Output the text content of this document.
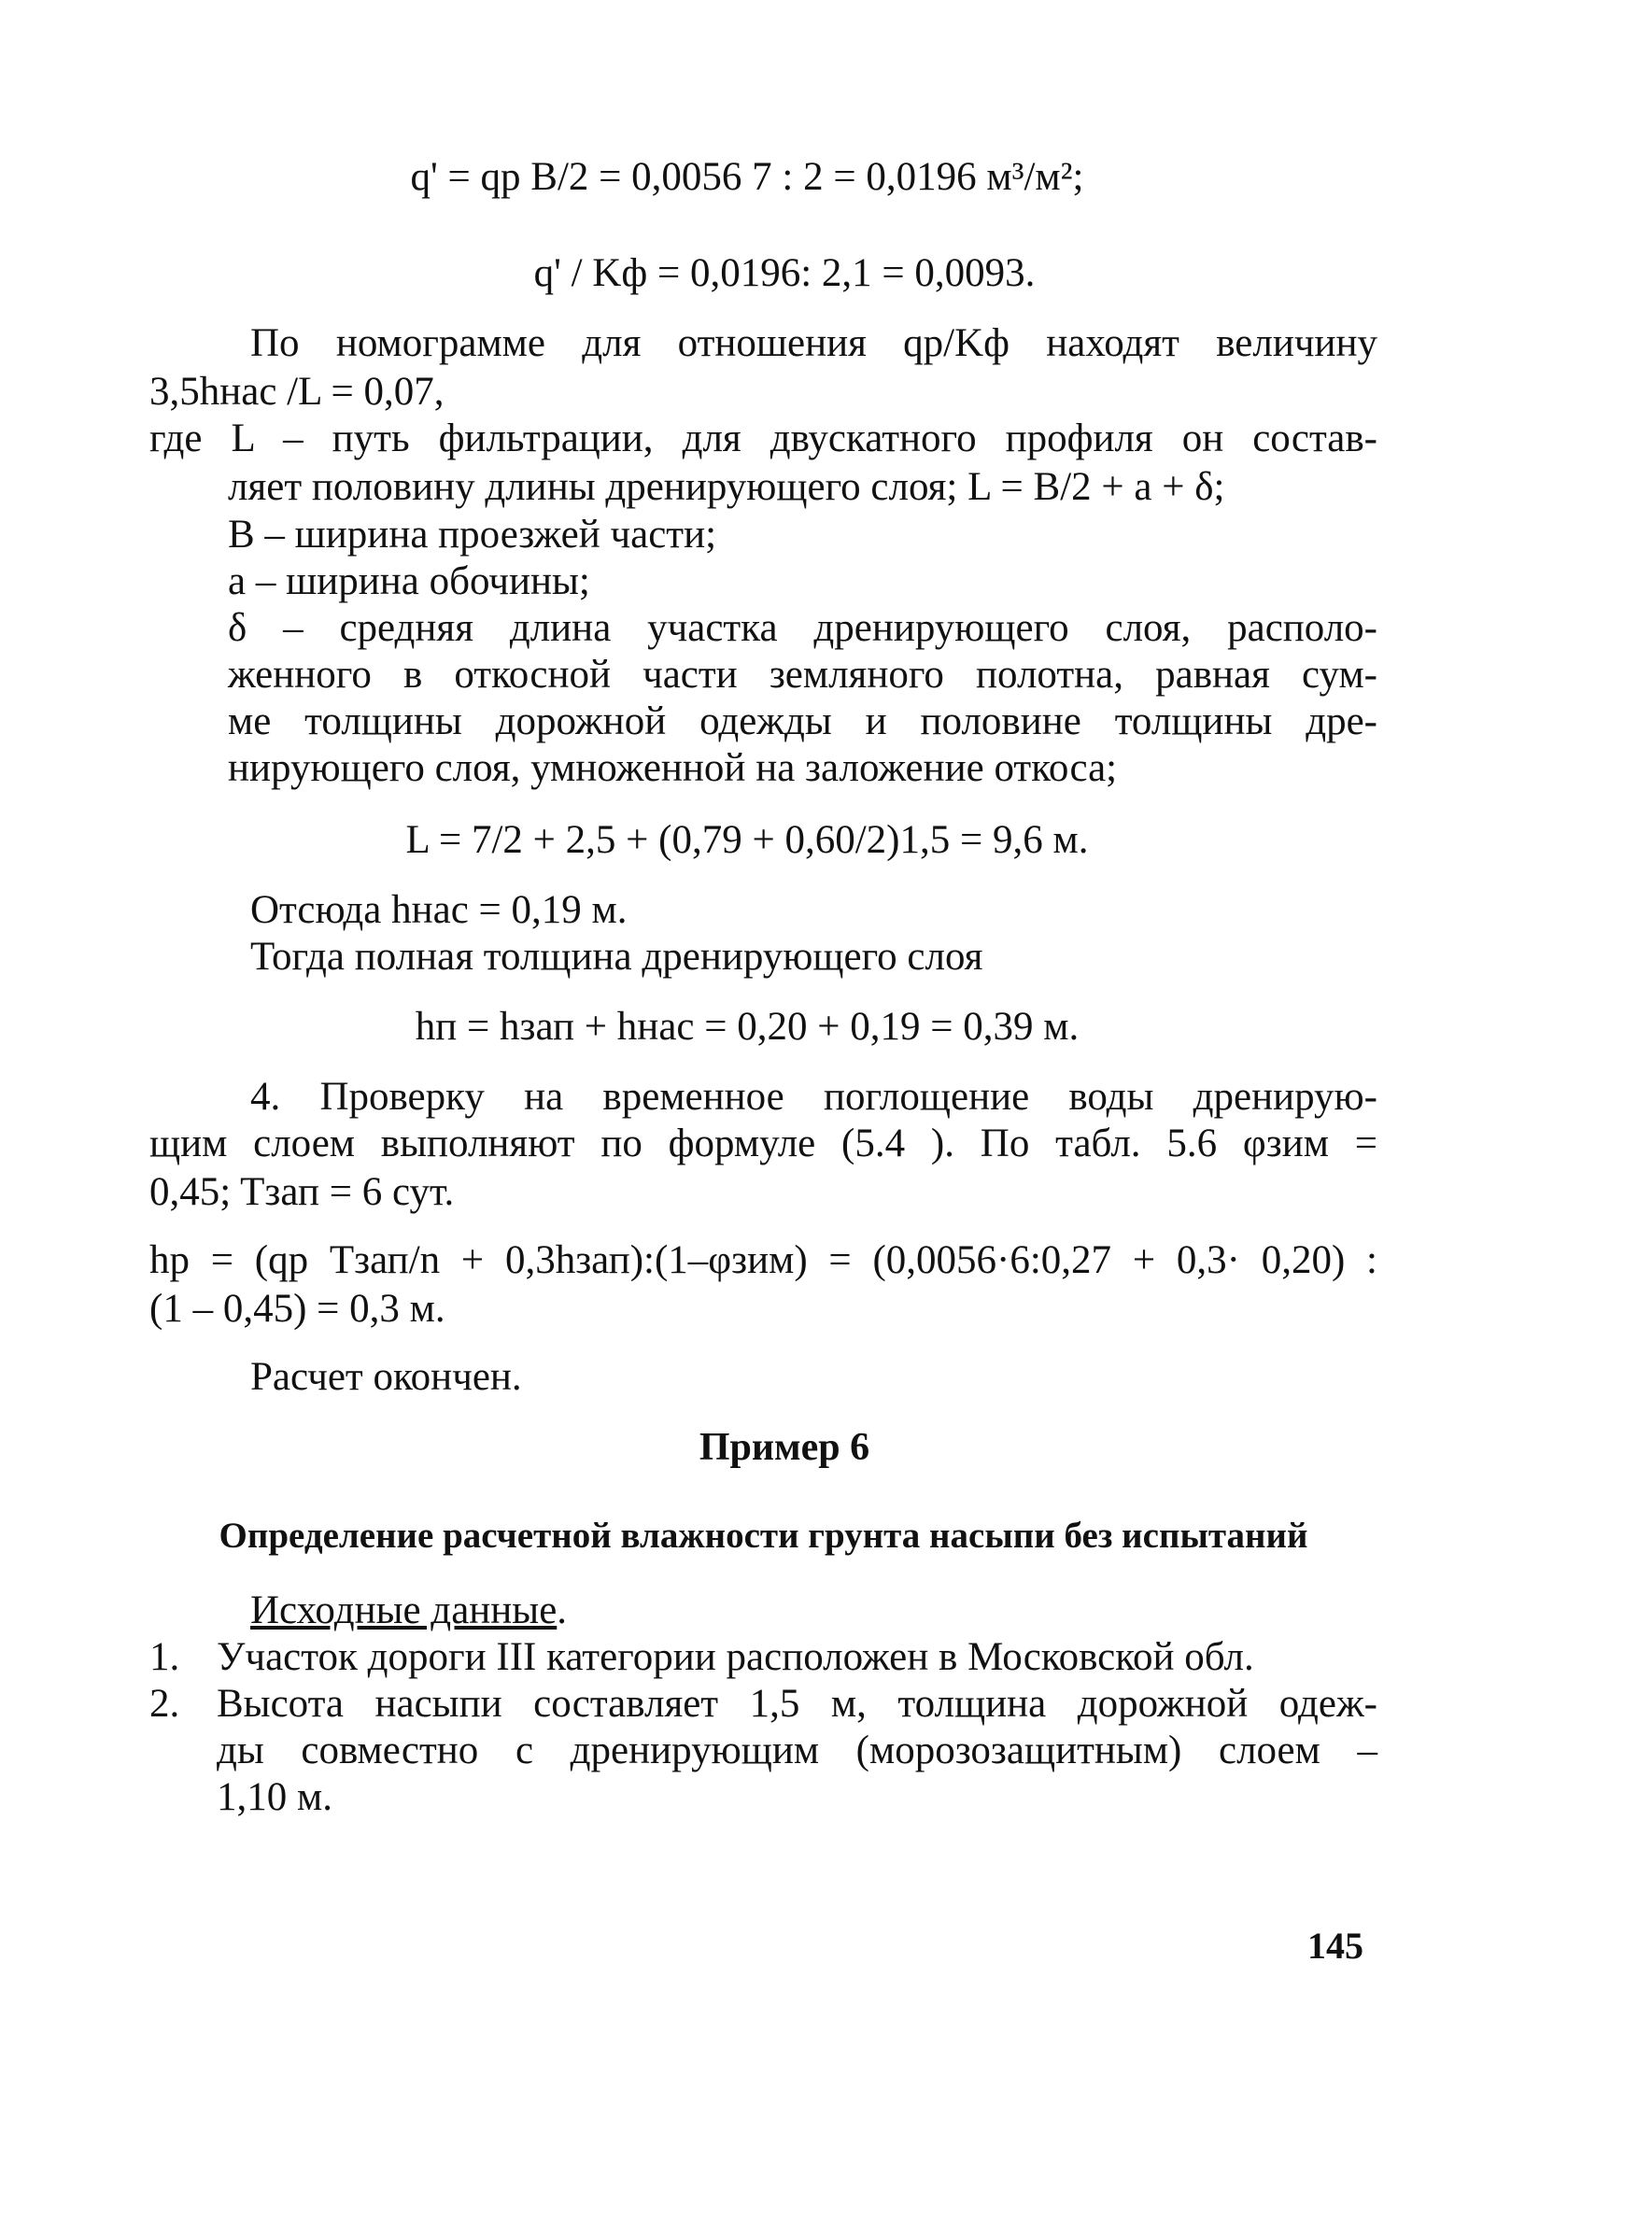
q' = qр B/2 = 0,0056 7 : 2 = 0,0196 м³/м²;
q' / Kф = 0,0196: 2,1 = 0,0093.
По номограмме для отношения qр/Kф находят величину
3,5hнас /L = 0,07,
где L – путь фильтрации, для двускатного профиля он состав-
ляет половину длины дренирующего слоя; L = B/2 + a + δ;
B – ширина проезжей части;
a – ширина обочины;
δ – средняя длина участка дренирующего слоя, располо-
женного в откосной части земляного полотна, равная сум-
ме толщины дорожной одежды и половине толщины дре-
нирующего слоя, умноженной на заложение откоса;
L = 7/2 + 2,5 + (0,79 + 0,60/2)1,5 = 9,6 м.
Отсюда hнас = 0,19 м.
Тогда полная толщина дренирующего слоя
hп = hзап + hнас = 0,20 + 0,19 = 0,39 м.
4. Проверку на временное поглощение воды дренирую-
щим слоем выполняют по формуле (5.4 ). По табл. 5.6 φзим =
0,45; Tзап = 6 сут.
hр = (qр Tзап/n + 0,3hзап):(1–φзим) = (0,0056·6:0,27 + 0,3· 0,20) :
(1 – 0,45) = 0,3 м.
Расчет окончен.
Пример 6
Определение расчетной влажности грунта насыпи без испытаний
Исходные данные.
1. Участок дороги III категории расположен в Московской обл.
2. Высота насыпи составляет 1,5 м, толщина дорожной одеж-
ды совместно с дренирующим (морозозащитным) слоем –
1,10 м.
145
